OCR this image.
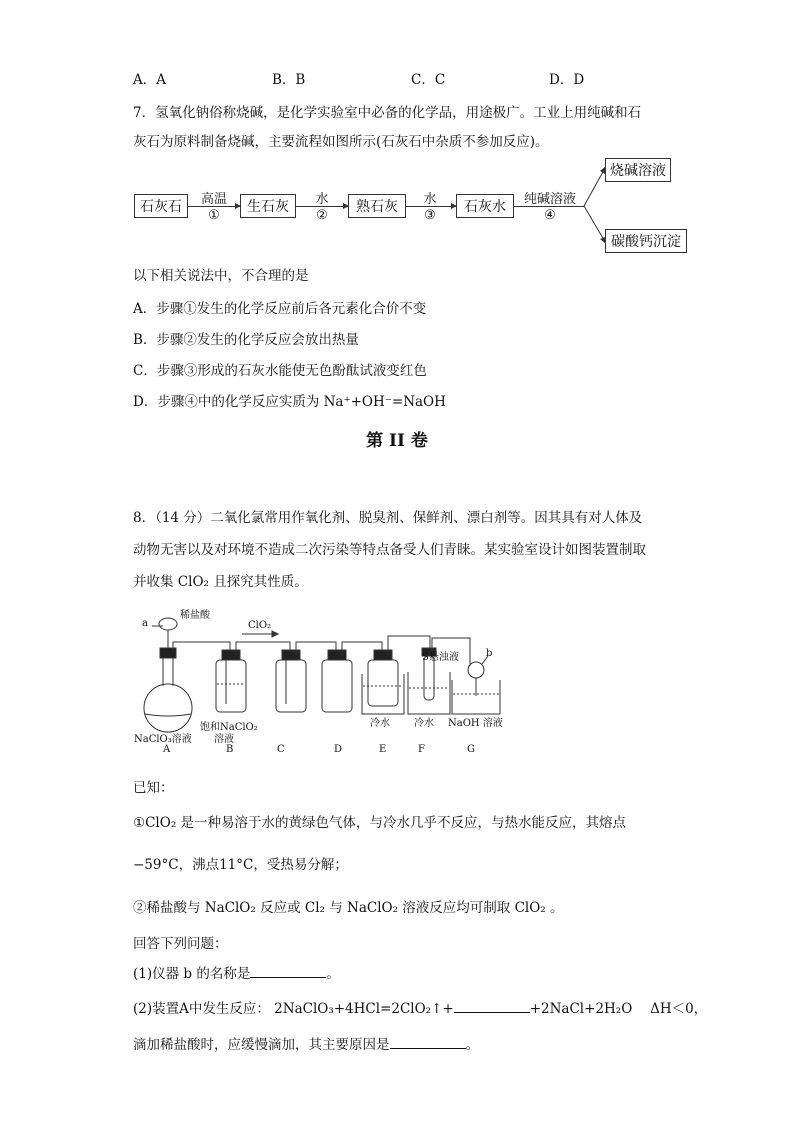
A．A	B．B	C．C	D．D
7．氢氧化钠俗称烧碱，是化学实验室中必备的化学品，用途极广。工业上用纯碱和石
灰石为原料制备烧碱，主要流程如图所示(石灰石中杂质不参加反应)。
石灰石	高温
①
生石灰	水
②
熟石灰	水
③
石灰水	纯碱溶液
④
烧碱溶液
碳酸钙沉淀
以下相关说法中，不合理的是
A．步骤①发生的化学反应前后各元素化合价不变
B．步骤②发生的化学反应会放出热量
C．步骤③形成的石灰水能使无色酚酞试液变红色
D．步骤④中的化学反应实质为 Na⁺+OH⁻=NaOH
第 II 卷
8．（14 分）二氧化氯常用作氧化剂、脱臭剂、保鲜剂、漂白剂等。因其具有对人体及
动物无害以及对环境不造成二次污染等特点备受人们青睐。某实验室设计如图装置制取
并收集 ClO₂ 且探究其性质。
稀盐酸
a	ClO₂
S悬浊液	b
NaClO₃溶液
饱和NaClO₂
溶液
冷水 冷水 NaOH 溶液
A	B	C	D	E	F	G
已知：
①ClO₂ 是一种易溶于水的黄绿色气体，与冷水几乎不反应，与热水能反应，其熔点
−59°C，沸点11°C，受热易分解；
②稀盐酸与 NaClO₂ 反应或 Cl₂ 与 NaClO₂ 溶液反应均可制取 ClO₂ 。
回答下列问题：
(1)仪器 b 的名称是	。
(2)装置A中发生反应： 2NaClO₃+4HCl=2ClO₂↑+	+2NaCl+2H₂O　 ΔH＜0，
滴加稀盐酸时，应缓慢滴加，其主要原因是	。
